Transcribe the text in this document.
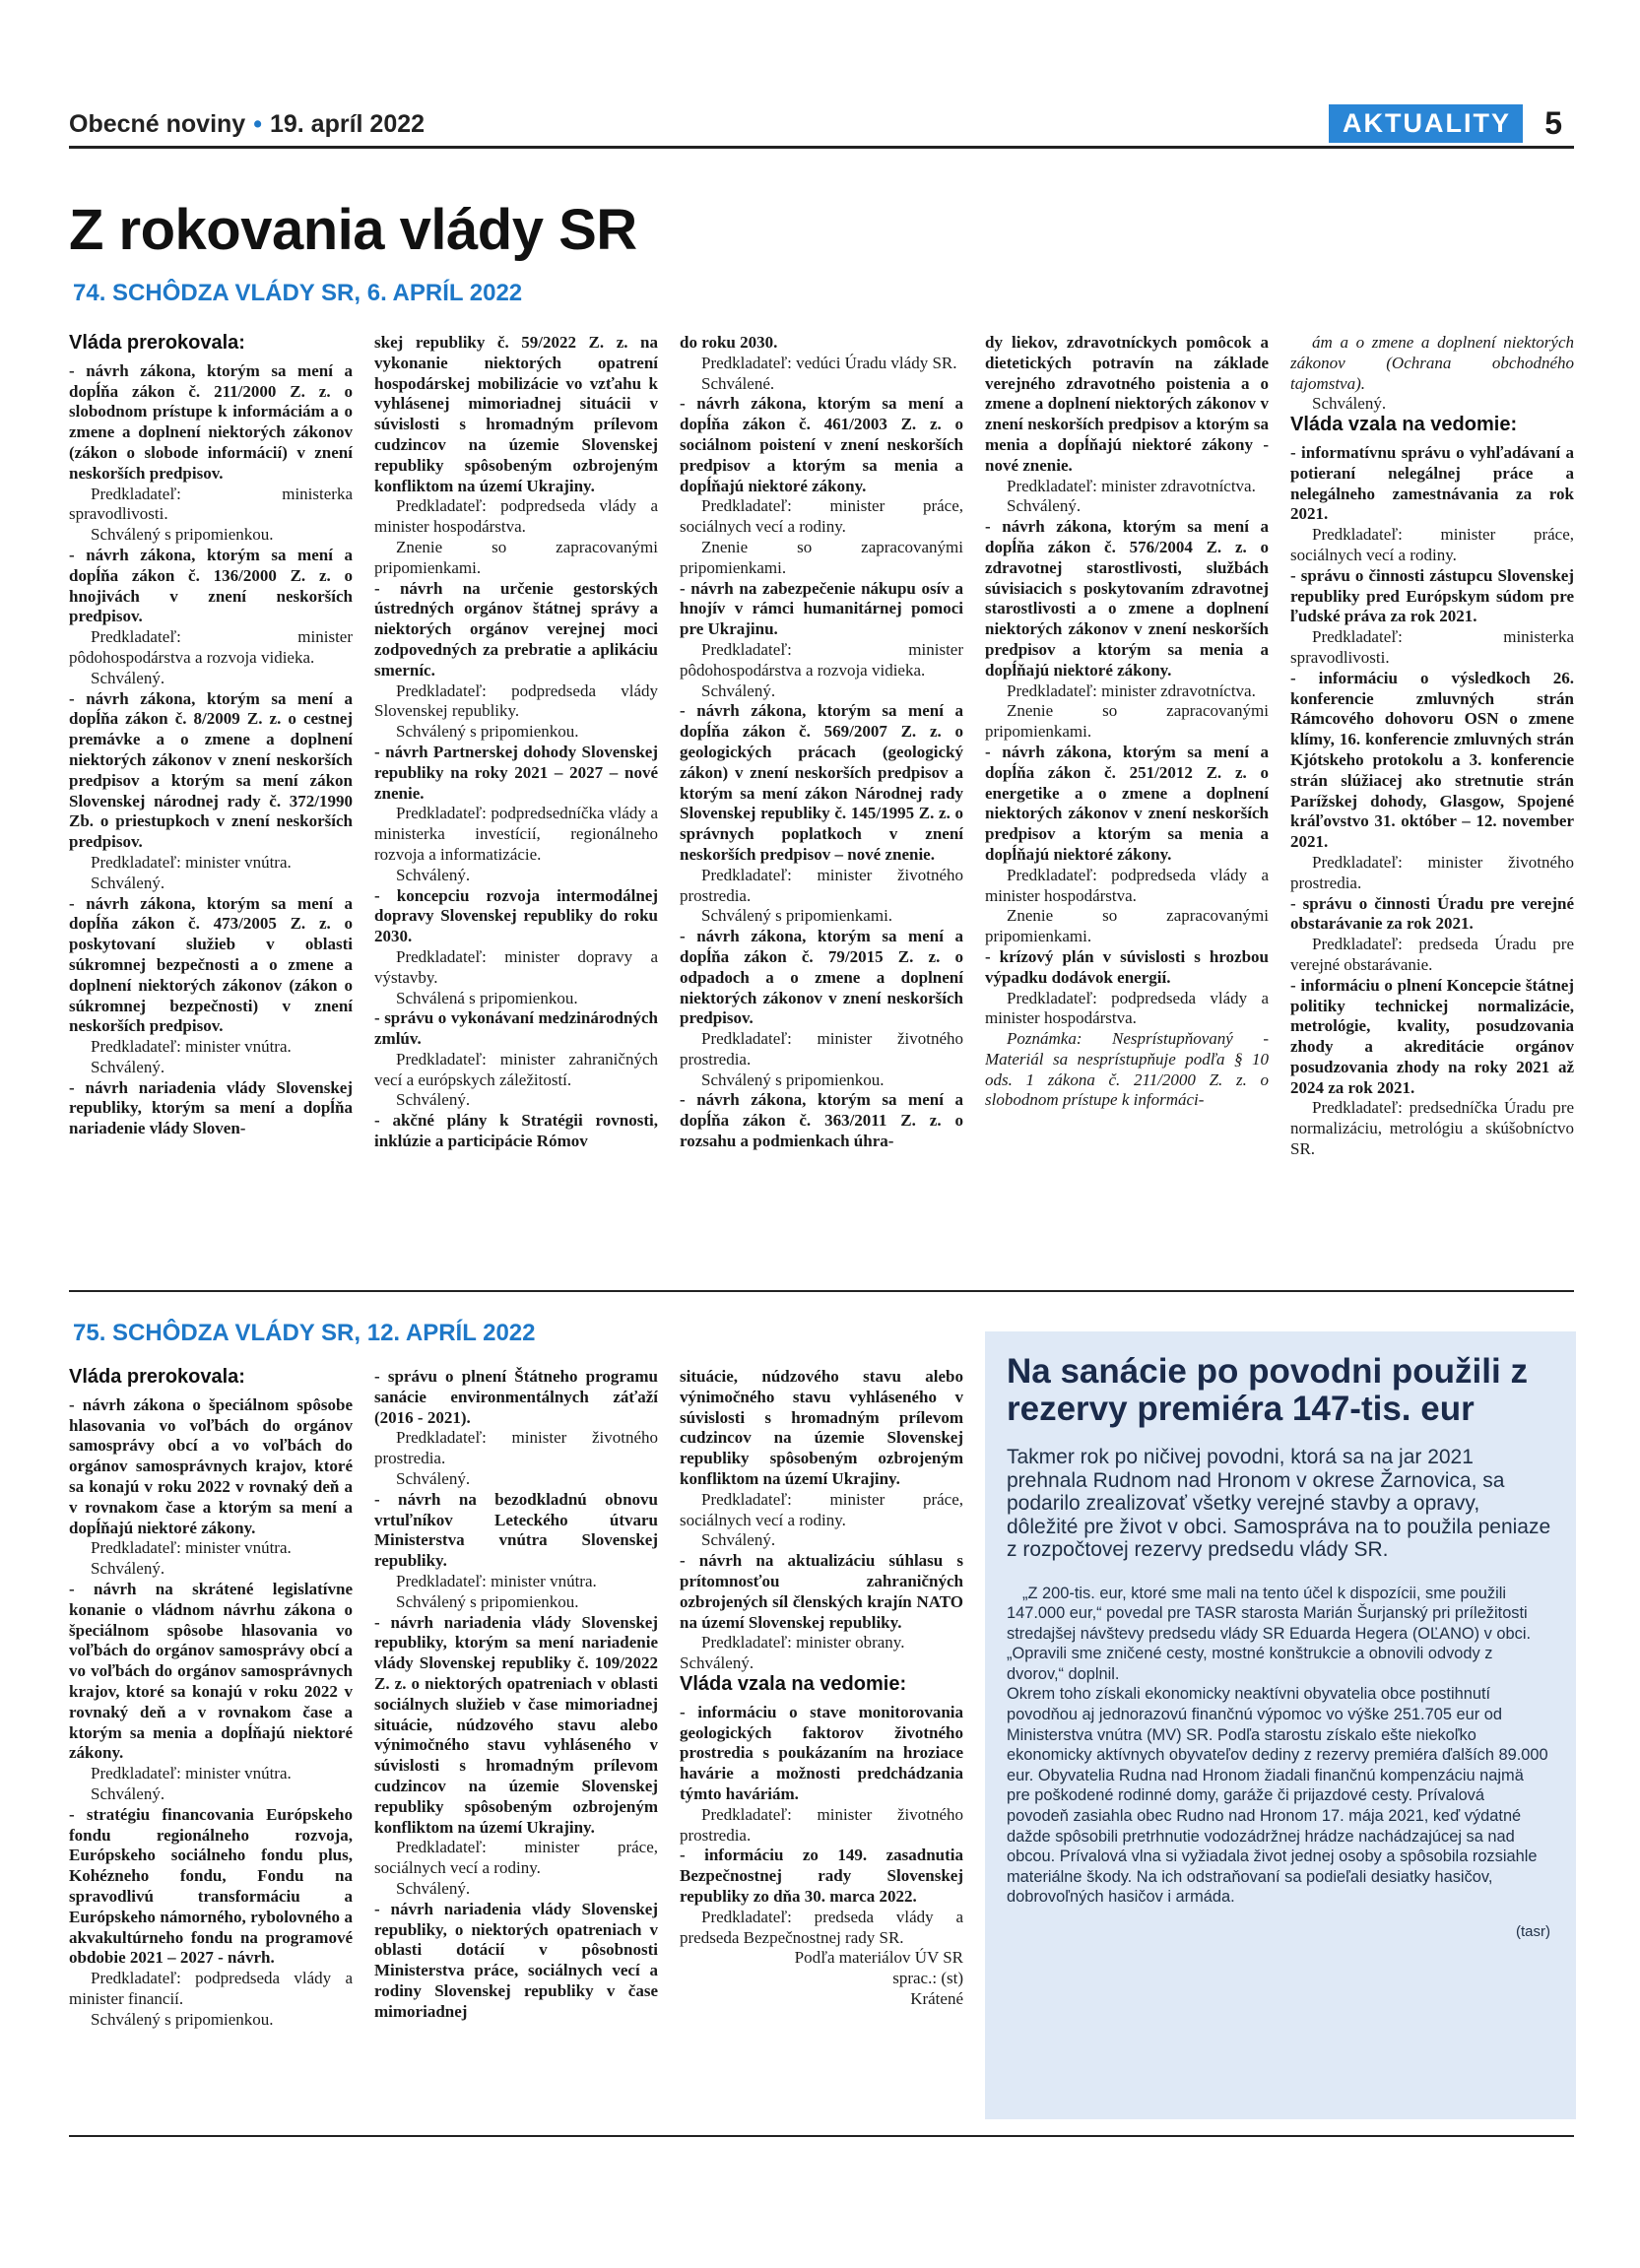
Obecné noviny • 19. apríl 2022	AKTUALITY	5
Z rokovania vlády SR
74. SCHÔDZA VLÁDY SR, 6. APRÍL 2022

Vláda prerokovala:

- návrh zákona, ktorým sa mení a dopĺňa zákon č. 211/2000 Z. z. o slobodnom prístupe k informáciám a o zmene a doplnení niektorých zákonov (zákon o slobode informácií) v znení neskorších predpisov.

Predkladateľ: ministerka spravodlivosti.

Schválený s pripomienkou.

- návrh zákona, ktorým sa mení a dopĺňa zákon č. 136/2000 Z. z. o hnojivách v znení neskorších predpisov.

Predkladateľ: minister pôdohospodárstva a rozvoja vidieka.

Schválený.

- návrh zákona, ktorým sa mení a dopĺňa zákon č. 8/2009 Z. z. o cestnej premávke a o zmene a doplnení niektorých zákonov v znení neskorších predpisov a ktorým sa mení zákon Slovenskej národnej rady č. 372/1990 Zb. o priestupkoch v znení neskorších predpisov.

Predkladateľ: minister vnútra.

Schválený.

- návrh zákona, ktorým sa mení a dopĺňa zákon č. 473/2005 Z. z. o poskytovaní služieb v oblasti súkromnej bezpečnosti a o zmene a doplnení niektorých zákonov (zákon o súkromnej bezpečnosti) v znení neskorších predpisov.

Predkladateľ: minister vnútra.

Schválený.

- návrh nariadenia vlády Slovenskej republiky, ktorým sa mení a dopĺňa nariadenie vlády Sloven-

skej republiky č. 59/2022 Z. z. na vykonanie niektorých opatrení hospodárskej mobilizácie vo vzťahu k vyhlásenej mimoriadnej situácii v súvislosti s hromadným prílevom cudzincov na územie Slovenskej republiky spôsobeným ozbrojeným konfliktom na území Ukrajiny.

Predkladateľ: podpredseda vlády a minister hospodárstva.

Znenie so zapracovanými pripomienkami.

- návrh na určenie gestorských ústredných orgánov štátnej správy a niektorých orgánov verejnej moci zodpovedných za prebratie a aplikáciu smerníc.

Predkladateľ: podpredseda vlády Slovenskej republiky.

Schválený s pripomienkou.

- návrh Partnerskej dohody Slovenskej republiky na roky 2021 – 2027 – nové znenie.

Predkladateľ: podpredsedníčka vlády a ministerka investícií, regionálneho rozvoja a informatizácie.

Schválený.

- koncepciu rozvoja intermodálnej dopravy Slovenskej republiky do roku 2030.

Predkladateľ: minister dopravy a výstavby.

Schválená s pripomienkou.

- správu o vykonávaní medzinárodných zmlúv.

Predkladateľ: minister zahraničných vecí a európskych záležitostí.

Schválený.

- akčné plány k Stratégii rovnosti, inklúzie a participácie Rómov

do roku 2030.

Predkladateľ: vedúci Úradu vlády SR.

Schválené.

- návrh zákona, ktorým sa mení a dopĺňa zákon č. 461/2003 Z. z. o sociálnom poistení v znení neskorších predpisov a ktorým sa menia a dopĺňajú niektoré zákony.

Predkladateľ: minister práce, sociálnych vecí a rodiny.

Znenie so zapracovanými pripomienkami.

- návrh na zabezpečenie nákupu osív a hnojív v rámci humanitárnej pomoci pre Ukrajinu.

Predkladateľ: minister pôdohospodárstva a rozvoja vidieka.

Schválený.

- návrh zákona, ktorým sa mení a dopĺňa zákon č. 569/2007 Z. z. o geologických prácach (geologický zákon) v znení neskorších predpisov a ktorým sa mení zákon Národnej rady Slovenskej republiky č. 145/1995 Z. z. o správnych poplatkoch v znení neskorších predpisov – nové znenie.

Predkladateľ: minister životného prostredia.

Schválený s pripomienkami.

- návrh zákona, ktorým sa mení a dopĺňa zákon č. 79/2015 Z. z. o odpadoch a o zmene a doplnení niektorých zákonov v znení neskorších predpisov.

Predkladateľ: minister životného prostredia.

Schválený s pripomienkou.

- návrh zákona, ktorým sa mení a dopĺňa zákon č. 363/2011 Z. z. o rozsahu a podmienkach úhra-

dy liekov, zdravotníckych pomôcok a dietetických potravín na základe verejného zdravotného poistenia a o zmene a doplnení niektorých zákonov v znení neskorších predpisov a ktorým sa menia a dopĺňajú niektoré zákony - nové znenie.

Predkladateľ: minister zdravotníctva.

Schválený.

- návrh zákona, ktorým sa mení a dopĺňa zákon č. 576/2004 Z. z. o zdravotnej starostlivosti, službách súvisiacich s poskytovaním zdravotnej starostlivosti a o zmene a doplnení niektorých zákonov v znení neskorších predpisov a ktorým sa menia a dopĺňajú niektoré zákony.

Predkladateľ: minister zdravotníctva.

Znenie so zapracovanými pripomienkami.

- návrh zákona, ktorým sa mení a dopĺňa zákon č. 251/2012 Z. z. o energetike a o zmene a doplnení niektorých zákonov v znení neskorších predpisov a ktorým sa menia a dopĺňajú niektoré zákony.

Predkladateľ: podpredseda vlády a minister hospodárstva.

Znenie so zapracovanými pripomienkami.

- krízový plán v súvislosti s hrozbou výpadku dodávok energií.

Predkladateľ: podpredseda vlády a minister hospodárstva.

Poznámka: Nesprístupňovaný - Materiál sa nesprístupňuje podľa § 10 ods. 1 zákona č. 211/2000 Z. z. o slobodnom prístupe k informáci-

ám a o zmene a doplnení niektorých zákonov (Ochrana obchodného tajomstva).

Schválený.

Vláda vzala na vedomie:

- informatívnu správu o vyhľadávaní a potieraní nelegálnej práce a nelegálneho zamestnávania za rok 2021.

Predkladateľ: minister práce, sociálnych vecí a rodiny.

- správu o činnosti zástupcu Slovenskej republiky pred Európskym súdom pre ľudské práva za rok 2021.

Predkladateľ: ministerka spravodlivosti.

- informáciu o výsledkoch 26. konferencie zmluvných strán Rámcového dohovoru OSN o zmene klímy, 16. konferencie zmluvných strán Kjótskeho protokolu a 3. konferencie strán slúžiacej ako stretnutie strán Parížskej dohody, Glasgow, Spojené kráľovstvo 31. október – 12. november 2021.

Predkladateľ: minister životného prostredia.

- správu o činnosti Úradu pre verejné obstarávanie za rok 2021.

Predkladateľ: predseda Úradu pre verejné obstarávanie.

- informáciu o plnení Koncepcie štátnej politiky technickej normalizácie, metrológie, kvality, posudzovania zhody a akreditácie orgánov posudzovania zhody na roky 2021 až 2024 za rok 2021.

Predkladateľ: predsedníčka Úradu pre normalizáciu, metrológiu a skúšobníctvo SR.

75. SCHÔDZA VLÁDY SR, 12. APRÍL 2022

Vláda prerokovala:

- návrh zákona o špeciálnom spôsobe hlasovania vo voľbách do orgánov samosprávy obcí a vo voľbách do orgánov samosprávnych krajov, ktoré sa konajú v roku 2022 v rovnaký deň a v rovnakom čase a ktorým sa mení a dopĺňajú niektoré zákony.

Predkladateľ: minister vnútra.

Schválený.

- návrh na skrátené legislatívne konanie o vládnom návrhu zákona o špeciálnom spôsobe hlasovania vo voľbách do orgánov samosprávy obcí a vo voľbách do orgánov samosprávnych krajov, ktoré sa konajú v roku 2022 v rovnaký deň a v rovnakom čase a ktorým sa menia a dopĺňajú niektoré zákony.

Predkladateľ: minister vnútra.

Schválený.

- stratégiu financovania Európskeho fondu regionálneho rozvoja, Európskeho sociálneho fondu plus, Kohézneho fondu, Fondu na spravodlivú transformáciu a Európskeho námorného, rybolovného a akvakultúrneho fondu na programové obdobie 2021 – 2027 - návrh.

Predkladateľ: podpredseda vlády a minister financií.

Schválený s pripomienkou.

- správu o plnení Štátneho programu sanácie environmentálnych záťaží (2016 - 2021).

Predkladateľ: minister životného prostredia.

Schválený.

- návrh na bezodkladnú obnovu vrtuľníkov Leteckého útvaru Ministerstva vnútra Slovenskej republiky.

Predkladateľ: minister vnútra.

Schválený s pripomienkou.

- návrh nariadenia vlády Slovenskej republiky, ktorým sa mení nariadenie vlády Slovenskej republiky č. 109/2022 Z. z. o niektorých opatreniach v oblasti sociálnych služieb v čase mimoriadnej situácie, núdzového stavu alebo výnimočného stavu vyhláseného v súvislosti s hromadným prílevom cudzincov na územie Slovenskej republiky spôsobeným ozbrojeným konfliktom na území Ukrajiny.

Predkladateľ: minister práce, sociálnych vecí a rodiny.

Schválený.

- návrh nariadenia vlády Slovenskej republiky, o niektorých opatreniach v oblasti dotácií v pôsobnosti Ministerstva práce, sociálnych vecí a rodiny Slovenskej republiky v čase mimoriadnej

situácie, núdzového stavu alebo výnimočného stavu vyhláseného v súvislosti s hromadným prílevom cudzincov na územie Slovenskej republiky spôsobeným ozbrojeným konfliktom na území Ukrajiny.

Predkladateľ: minister práce, sociálnych vecí a rodiny.

Schválený.

- návrh na aktualizáciu súhlasu s prítomnosťou zahraničných ozbrojených síl členských krajín NATO na území Slovenskej republiky.

Predkladateľ: minister obrany.

Schválený.

Vláda vzala na vedomie:

- informáciu o stave monitorovania geologických faktorov životného prostredia s poukázaním na hroziace havárie a možnosti predchádzania týmto haváriám.

Predkladateľ: minister životného prostredia.

- informáciu zo 149. zasadnutia Bezpečnostnej rady Slovenskej republiky zo dňa 30. marca 2022.

Predkladateľ: predseda vlády a predseda Bezpečnostnej rady SR.

Podľa materiálov ÚV SR

sprac.: (st)

Krátené

Na sanácie po povodni použili z rezervy premiéra 147-tis. eur
Takmer rok po ničivej povodni, ktorá sa na jar 2021 prehnala Rudnom nad Hronom v okrese Žarnovica, sa podarilo zrealizovať všetky verejné stavby a opravy, dôležité pre život v obci. Samospráva na to použila peniaze z rozpočtovej rezervy predsedu vlády SR.

„Z 200-tis. eur, ktoré sme mali na tento účel k dispozícii, sme použili 147.000 eur,“ povedal pre TASR starosta Marián Šurjanský pri príležitosti stredajšej návštevy predsedu vlády SR Eduarda Hegera (OĽANO) v obci. „Opravili sme zničené cesty, mostné konštrukcie a obnovili odvody z dvorov,“ doplnil.

Okrem toho získali ekonomicky neaktívni obyvatelia obce postihnutí povodňou aj jednorazovú finančnú výpomoc vo výške 251.705 eur od Ministerstva vnútra (MV) SR. Podľa starostu získalo ešte niekoľko ekonomicky aktívnych obyvateľov dediny z rezervy premiéra ďalších 89.000 eur. Obyvatelia Rudna nad Hronom žiadali finančnú kompenzáciu najmä pre poškodené rodinné domy, garáže či prijazdové cesty. Prívalová povodeň zasiahla obec Rudno nad Hronom 17. mája 2021, keď výdatné dažde spôsobili pretrhnutie vodozádržnej hrádze nachádzajúcej sa nad obcou. Prívalová vlna si vyžiadala život jednej osoby a spôsobila rozsiahle materiálne škody. Na ich odstraňovaní sa podieľali desiatky hasičov, dobrovoľných hasičov i armáda.

(tasr)
